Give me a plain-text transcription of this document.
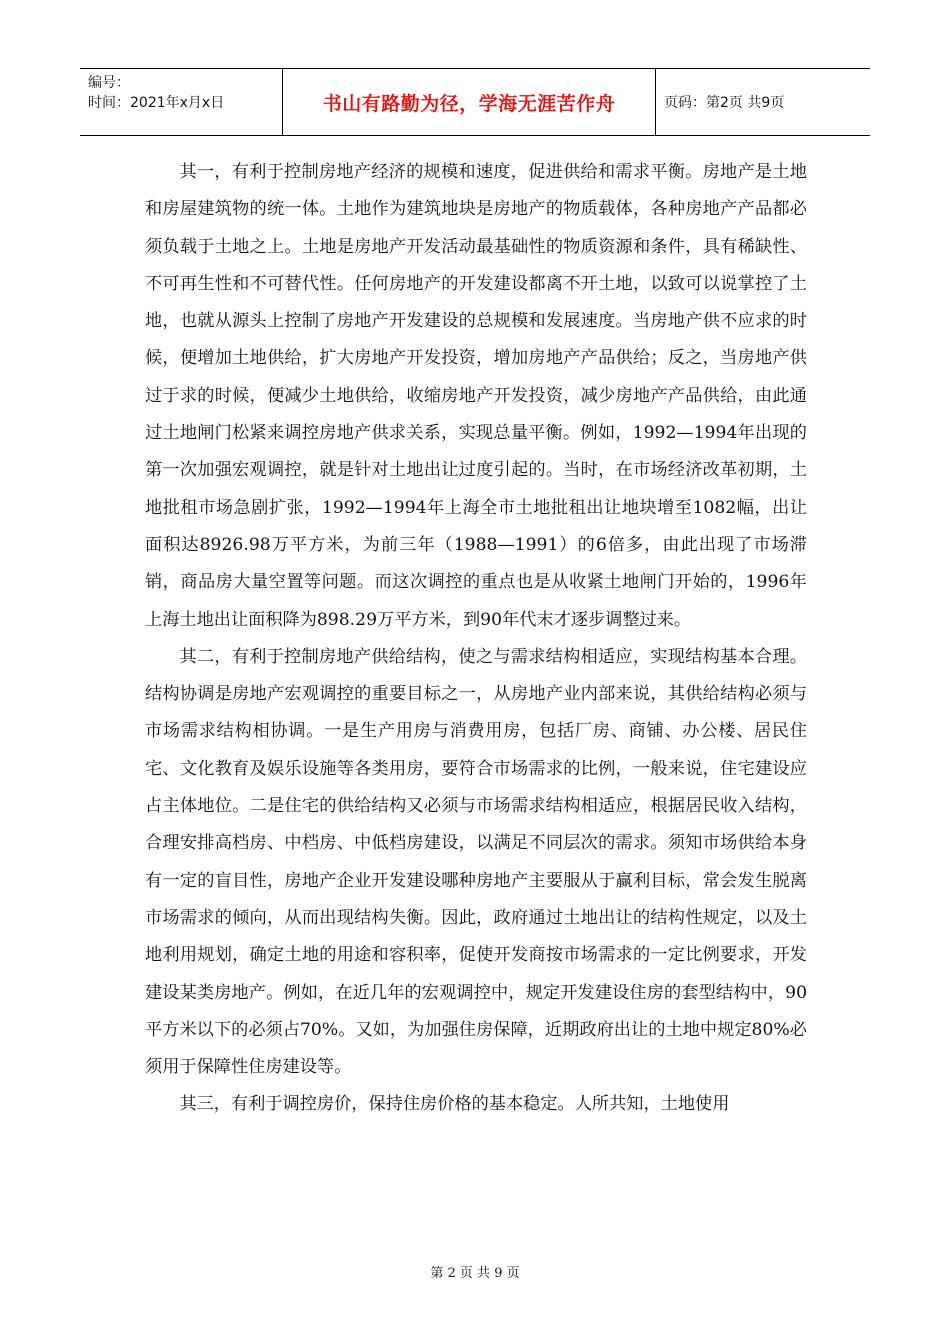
编号：
时间：2021年x月x日	书山有路勤为径，学海无涯苦作舟	页码：第2页 共9页

其一，有利于控制房地产经济的规模和速度，促进供给和需求平衡。房地产是土地和房屋建筑物的统一体。土地作为建筑地块是房地产的物质载体，各种房地产产品都必须负载于土地之上。土地是房地产开发活动最基础性的物质资源和条件，具有稀缺性、不可再生性和不可替代性。任何房地产的开发建设都离不开土地，以致可以说掌控了土地，也就从源头上控制了房地产开发建设的总规模和发展速度。当房地产供不应求的时候，便增加土地供给，扩大房地产开发投资，增加房地产产品供给；反之，当房地产供过于求的时候，便减少土地供给，收缩房地产开发投资，减少房地产产品供给，由此通过土地闸门松紧来调控房地产供求关系，实现总量平衡。例如，1992—1994年出现的第一次加强宏观调控，就是针对土地出让过度引起的。当时，在市场经济改革初期，土地批租市场急剧扩张，1992—1994年上海全市土地批租出让地块增至1082幅，出让面积达8926.98万平方米，为前三年（1988—1991）的6倍多，由此出现了市场滞销，商品房大量空置等问题。而这次调控的重点也是从收紧土地闸门开始的，1996年上海土地出让面积降为898.29万平方米，到90年代末才逐步调整过来。

其二，有利于控制房地产供给结构，使之与需求结构相适应，实现结构基本合理。结构协调是房地产宏观调控的重要目标之一，从房地产业内部来说，其供给结构必须与市场需求结构相协调。一是生产用房与消费用房，包括厂房、商铺、办公楼、居民住宅、文化教育及娱乐设施等各类用房，要符合市场需求的比例，一般来说，住宅建设应占主体地位。二是住宅的供给结构又必须与市场需求结构相适应，根据居民收入结构，合理安排高档房、中档房、中低档房建设，以满足不同层次的需求。须知市场供给本身有一定的盲目性，房地产企业开发建设哪种房地产主要服从于赢利目标，常会发生脱离市场需求的倾向，从而出现结构失衡。因此，政府通过土地出让的结构性规定，以及土地利用规划，确定土地的用途和容积率，促使开发商按市场需求的一定比例要求，开发建设某类房地产。例如，在近几年的宏观调控中，规定开发建设住房的套型结构中，90平方米以下的必须占70%。又如，为加强住房保障，近期政府出让的土地中规定80%必须用于保障性住房建设等。

其三，有利于调控房价，保持住房价格的基本稳定。人所共知，土地使用

第 2 页 共 9 页
